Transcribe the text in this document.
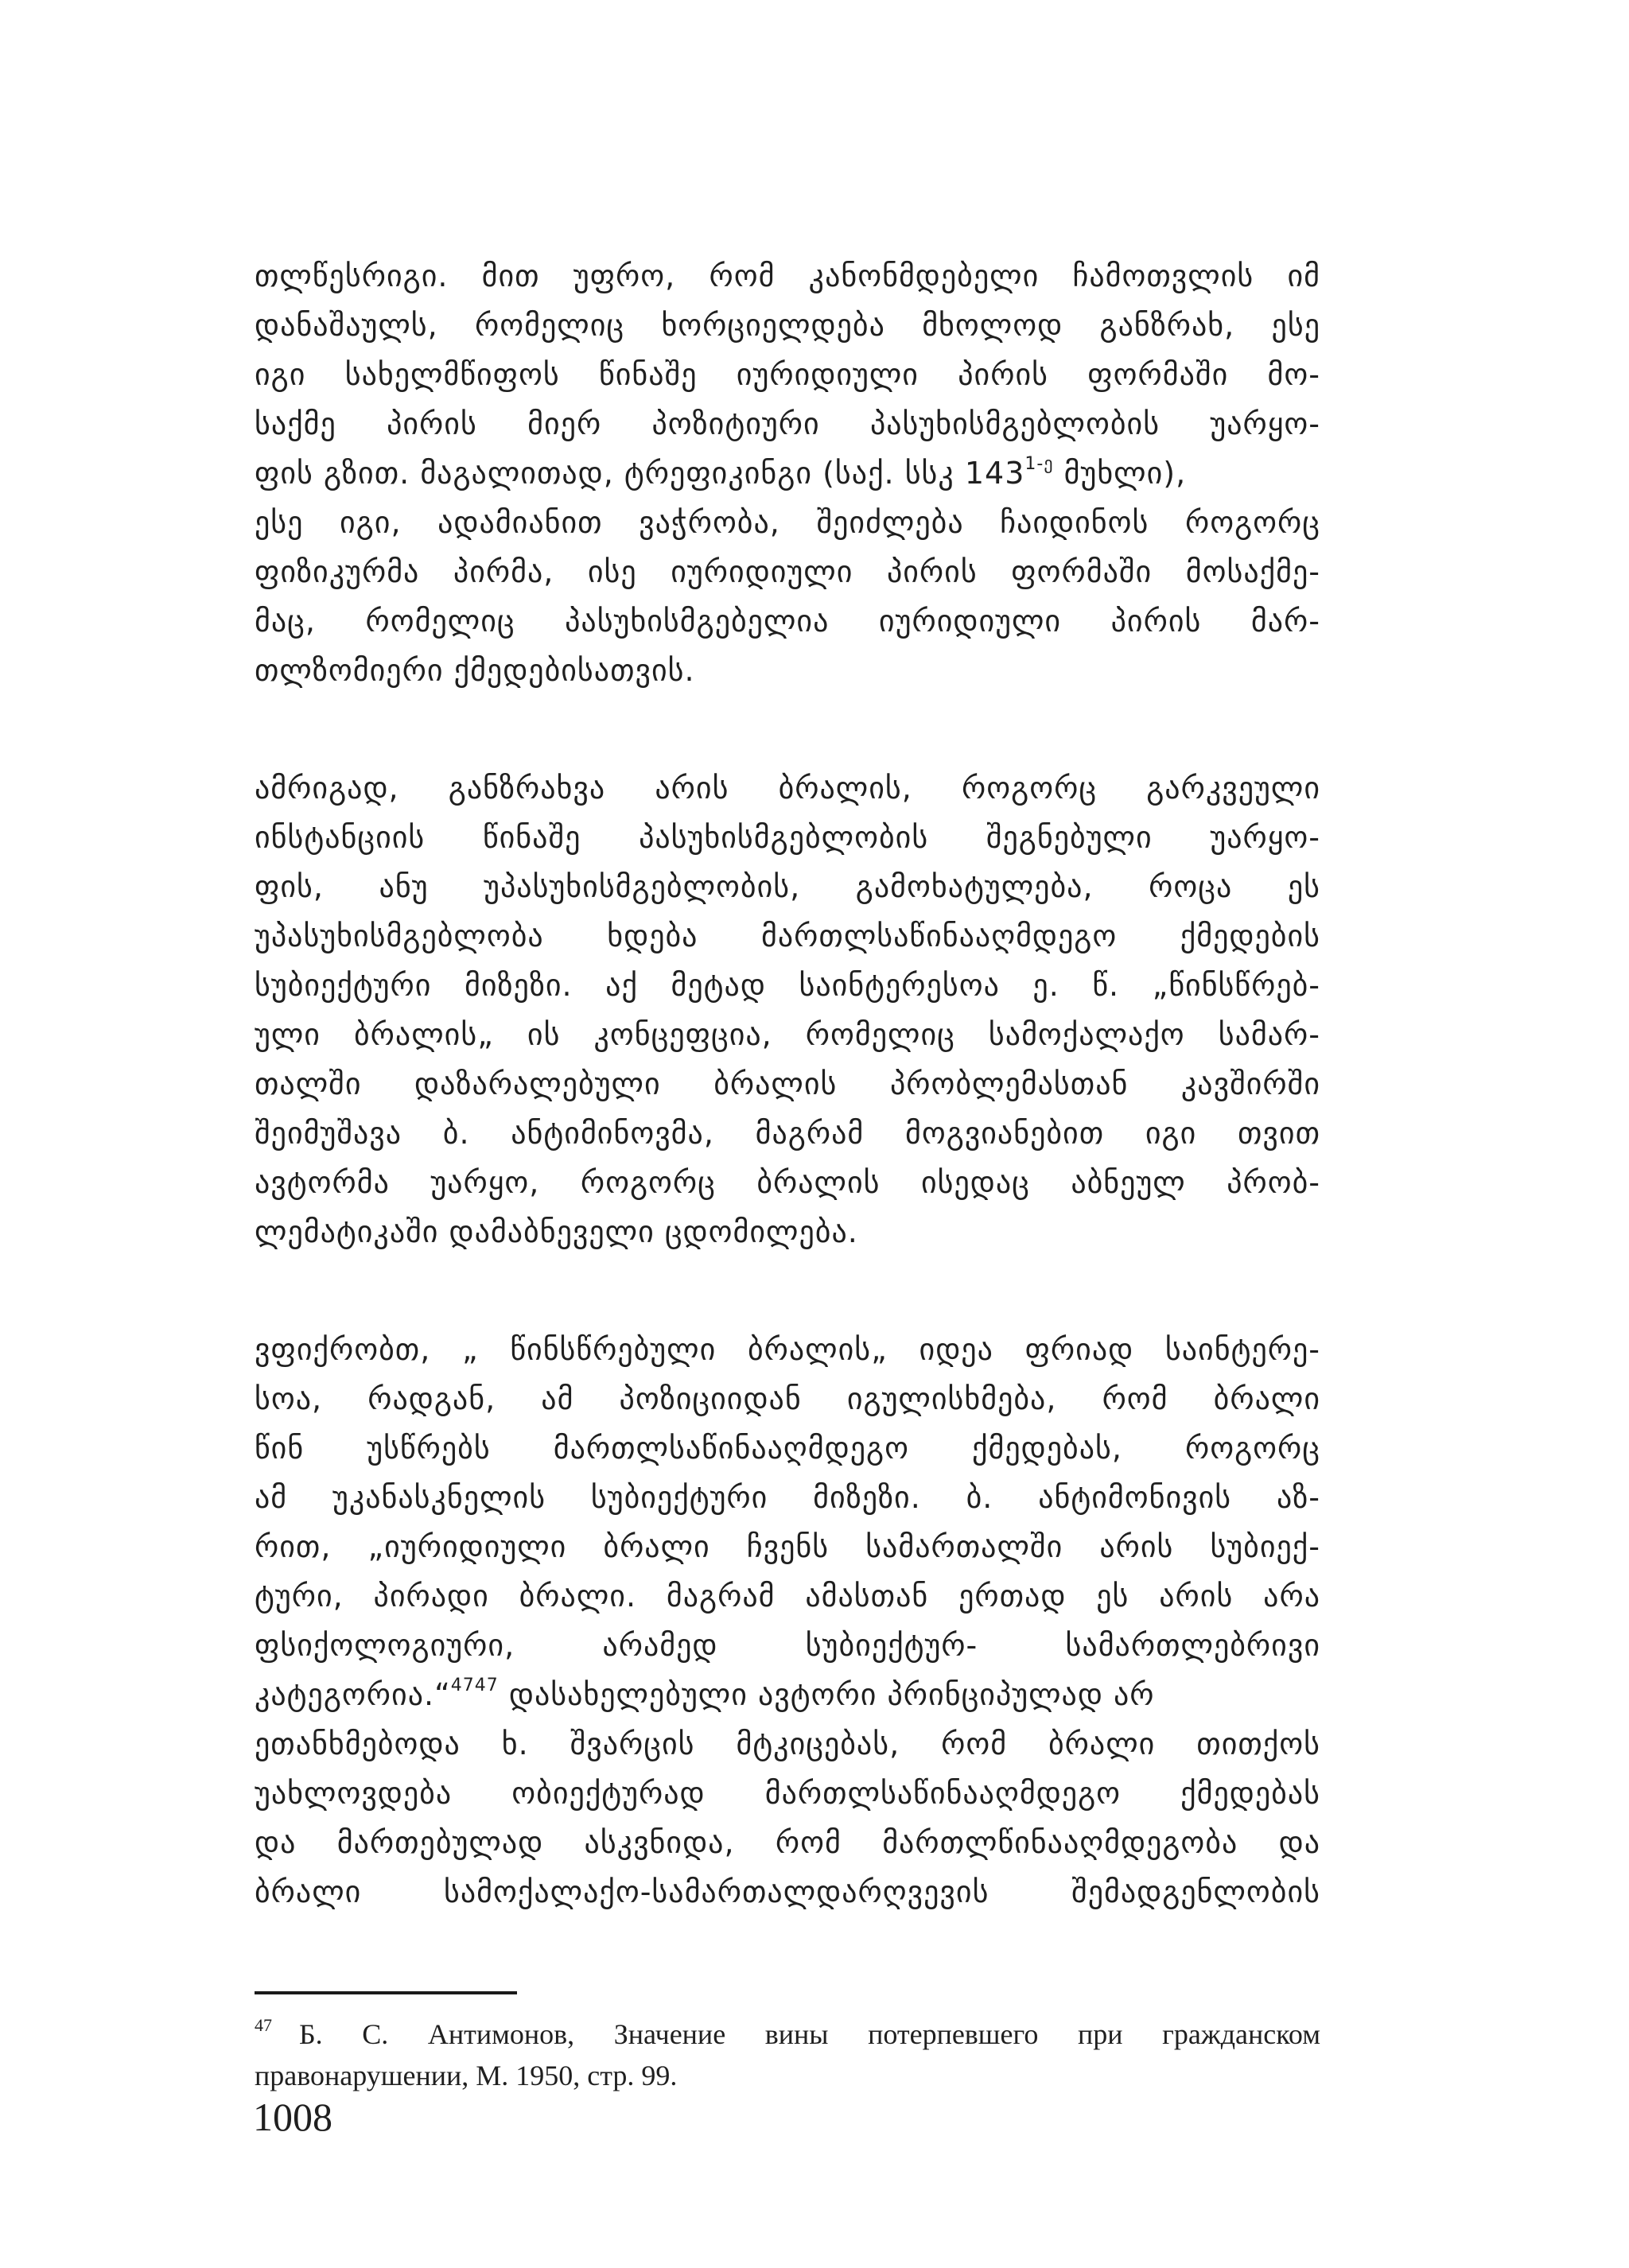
თლწესრიგი. მით უფრო, რომ კანონმდებელი ჩამოთვლის იმ
დანაშაულს, რომელიც ხორციელდება მხოლოდ განზრახ, ესე
იგი სახელმწიფოს წინაშე იურიდიული პირის ფორმაში მო-
საქმე პირის მიერ პოზიტიური პასუხისმგებლობის უარყო-
ფის გზით. მაგალითად, ტრეფიკინგი (საქ. სსკ $143^{1-ე}$ მუხლი),
ესე იგი, ადამიანით ვაჭრობა, შეიძლება ჩაიდინოს როგორც
ფიზიკურმა პირმა, ისე იურიდიული პირის ფორმაში მოსაქმე-
მაც, რომელიც პასუხისმგებელია იურიდიული პირის მარ-
თლზომიერი ქმედებისათვის.
ამრიგად, განზრახვა არის ბრალის, როგორც გარკვეული
ინსტანციის წინაშე პასუხისმგებლობის შეგნებული უარყო-
ფის, ანუ უპასუხისმგებლობის, გამოხატულება, როცა ეს
უპასუხისმგებლობა ხდება მართლსაწინააღმდეგო ქმედების
სუბიექტური მიზეზი. აქ მეტად საინტერესოა ე. წ. „წინსწრებ-
ული ბრალის„ ის კონცეფცია, რომელიც სამოქალაქო სამარ-
თალში დაზარალებული ბრალის პრობლემასთან კავშირში
შეიმუშავა ბ. ანტიმინოვმა, მაგრამ მოგვიანებით იგი თვით
ავტორმა უარყო, როგორც ბრალის ისედაც აბნეულ პრობ-
ლემატიკაში დამაბნეველი ცდომილება.
ვფიქრობთ, „ წინსწრებული ბრალის„ იდეა ფრიად საინტერე-
სოა, რადგან, ამ პოზიციიდან იგულისხმება, რომ ბრალი
წინ უსწრებს მართლსაწინააღმდეგო ქმედებას, როგორც
ამ უკანასკნელის სუბიექტური მიზეზი. ბ. ანტიმონივის აზ-
რით, „იურიდიული ბრალი ჩვენს სამართალში არის სუბიექ-
ტური, პირადი ბრალი. მაგრამ ამასთან ერთად ეს არის არა
ფსიქოლოგიური, არამედ სუბიექტურ- სამართლებრივი
კატეგორია.“$^{4747}$ დასახელებული ავტორი პრინციპულად არ
ეთანხმებოდა ხ. შვარცის მტკიცებას, რომ ბრალი თითქოს
უახლოვდება ობიექტურად მართლსაწინააღმდეგო ქმედებას
და მართებულად ასკვნიდა, რომ მართლწინააღმდეგობა და
ბრალი სამოქალაქო-სამართალდარღვევის შემადგენლობის
$^{47}$ Б. С. Антимонов, Значение вины потерпевшего при гражданском
правонарушении, М. 1950, стр. 99.
1008
